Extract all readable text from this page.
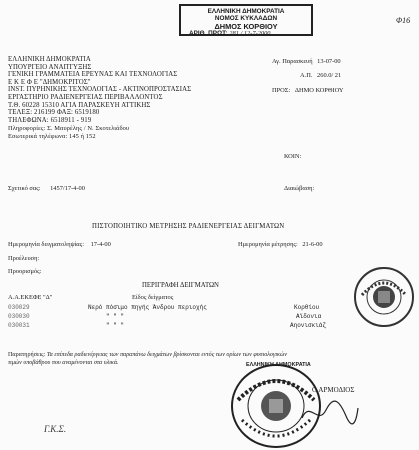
ΕΛΛΗΝΙΚΗ ΔΗΜΟΚΡΑΤΙΑ
ΝΟΜΟΣ ΚΥΚΛΑΔΩΝ
ΔΗΜΟΣ ΚΟΡΘΙΟΥ
ΑΡΙΘ. ΠΡΩΤ: 281 / 12-7-2000
Φ16
ΕΛΛΗΝΙΚΗ ΔΗΜΟΚΡΑΤΙΑ
ΥΠΟΥΡΓΕΙΟ ΑΝΑΠΤΥΞΗΣ
ΓΕΝΙΚΗ ΓΡΑΜΜΑΤΕΙΑ ΕΡΕΥΝΑΣ ΚΑΙ ΤΕΧΝΟΛΟΓΙΑΣ
Ε Κ Ε Φ Ε "ΔΗΜΟΚΡΙΤΟΣ"
INST. ΠΥΡΗΝΙΚΗΣ ΤΕΧΝΟΛΟΓΙΑΣ - ΑΚΤΙΝΟΠΡΟΣΤΑΣΙΑΣ
ΕΡΓΑΣΤΗΡΙΟ ΡΑΔΙΕΝΕΡΓΕΙΑΣ ΠΕΡΙΒΑΛΛΟΝΤΟΣ
Τ.Θ. 60228 15310 ΑΓΙΑ ΠΑΡΑΣΚΕΥΗ ΑΤΤΙΚΗΣ
ΤΕΛΕΞ: 216199 ΦΑΞ: 6519180
ΤΗΛΕΦΩΝΑ: 6518911 - 919
Πληροφορίες: Σ. Μαυρέλης / Ν. Σκοτελιάδου
Εσωτερικά τηλέφωνα: 145 ή 152
Αγ. Παρασκευή 13-07-00
Α.Π. 260.0/ 21
ΠΡΟΣ: ΔΗΜΟ ΚΟΡΘΙΟΥ
ΚΟΙΝ:
Διαιώβαση:
Σχετικό σας: 1457/17-4-00
ΠΙΣΤΟΠΟΙΗΤΙΚΟ ΜΕΤΡΗΣΗΣ ΡΑΔΙΕΝΕΡΓΕΙΑΣ ΔΕΙΓΜΑΤΩΝ
Ημερομηνία δειγματοληψίας: 17-4-00	Ημερομηνία μέτρησης: 21-6-00
Προέλευση:
Προορισμός:
ΠΕΡΙΓΡΑΦΗ ΔΕΙΓΜΑΤΩΝ
Α.Α.ΕΚΕΦΕ "Δ"	Είδος δείγματος
030029	Νερό πόσιμο πηγής Άνδρου περιοχής	Κορθίου
030030	" " "	Αϊδονια
030031	" " "	Αηονισκιάζ
Παρατηρήσεις: Τα επίπεδα ραδιενέργειας των παραπάνω δειγμάτων βρίσκονται εντός των ορίων των φυσιολογικών
τιμών υποβάθρου που αναμένονται στα υλικά.
Ο ΑΡΜΟΔΙΟΣ
Γ.Κ.Σ.
ΕΛΛΗΝΙΚΗ ΔΗΜΟΚΡΑΤΙΑ
